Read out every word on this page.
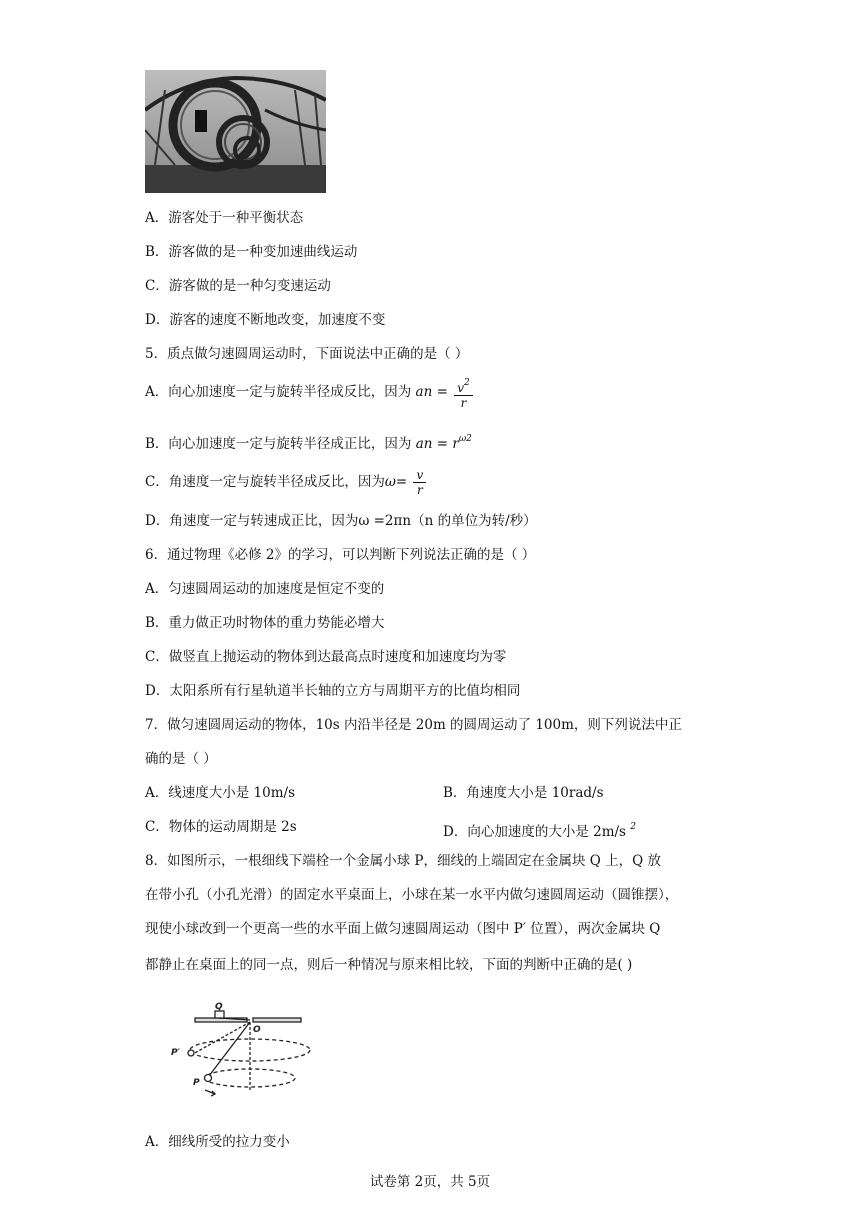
A．游客处于一种平衡状态
B．游客做的是一种变加速曲线运动
C．游客做的是一种匀变速运动
D．游客的速度不断地改变，加速度不变
5．质点做匀速圆周运动时，下面说法中正确的是（ ）
A．向心加速度一定与旋转半径成反比，因为 an = $\frac{v^2}{r}$
B．向心加速度一定与旋转半径成正比，因为 an = $r^{\omega 2}$
C．角速度一定与旋转半径成反比，因为$\omega= \frac{v}{r}$
D．角速度一定与转速成正比，因为ω =2πn（n 的单位为转/秒）
6．通过物理《必修 2》的学习，可以判断下列说法正确的是（ ）
A．匀速圆周运动的加速度是恒定不变的
B．重力做正功时物体的重力势能必增大
C．做竖直上抛运动的物体到达最高点时速度和加速度均为零
D．太阳系所有行星轨道半长轴的立方与周期平方的比值均相同
7．做匀速圆周运动的物体，10s 内沿半径是 20m 的圆周运动了 100m，则下列说法中正
确的是（ ）
A．线速度大小是 10m/s	B．角速度大小是 10rad/s
C．物体的运动周期是 2s	D．向心加速度的大小是 2m/s $^2$
8．如图所示，一根细线下端栓一个金属小球 P，细线的上端固定在金属块 Q 上，Q 放
在带小孔（小孔光滑）的固定水平桌面上，小球在某一水平内做匀速圆周运动（圆锥摆），
现使小球改到一个更高一些的水平面上做匀速圆周运动（图中 P′ 位置），两次金属块 Q
都静止在桌面上的同一点，则后一种情况与原来相比较，下面的判断中正确的是( )
Q
O
P′
P
A．细线所受的拉力变小
试卷第 2页，共 5页
